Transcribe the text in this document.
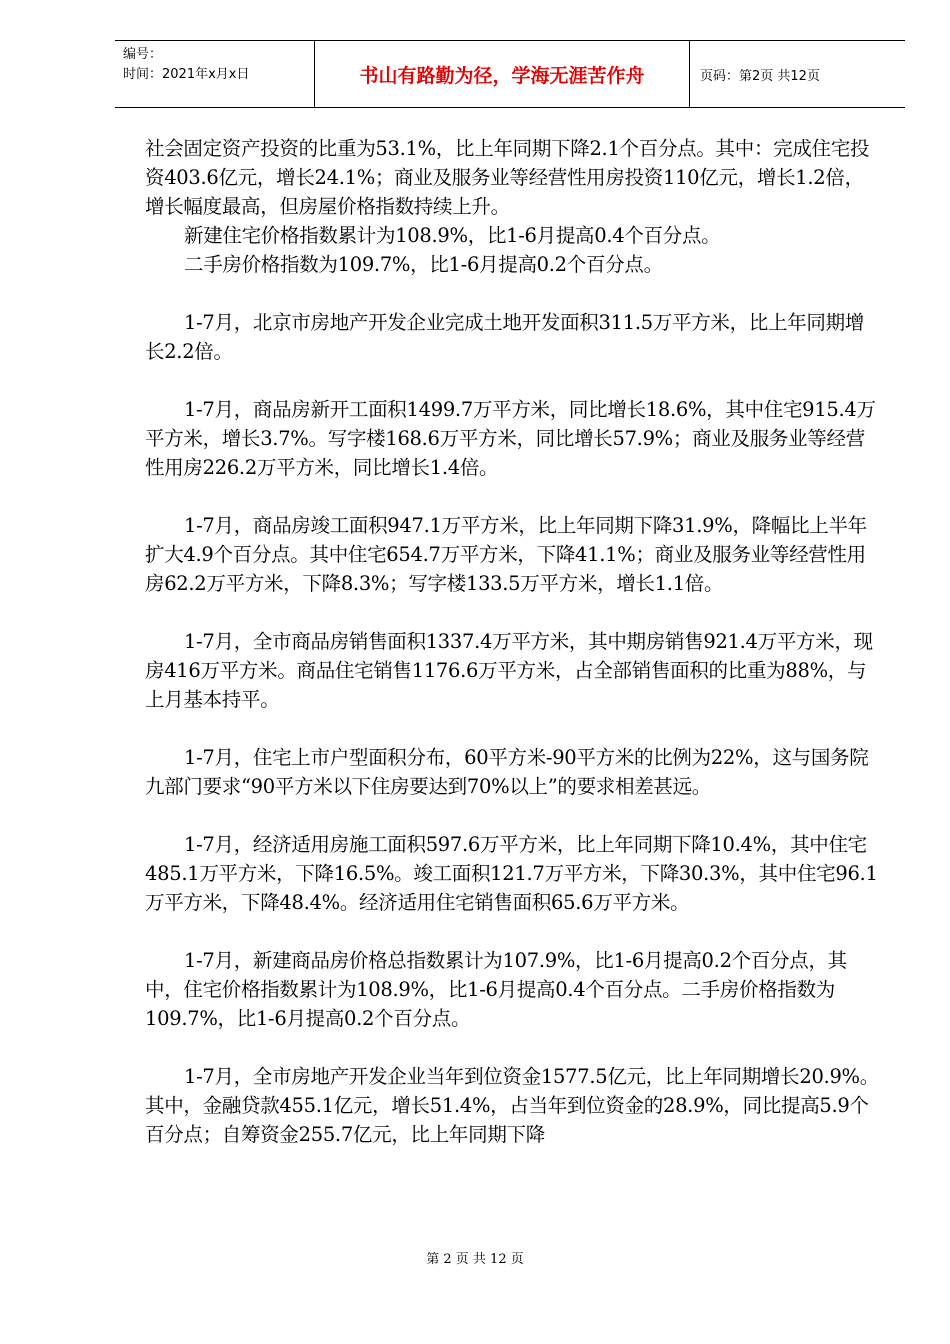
编号：
时间：2021年x月x日	书山有路勤为径，学海无涯苦作舟	页码：第2页 共12页

社会固定资产投资的比重为53.1%，比上年同期下降2.1个百分点。其中：完成住宅投资403.6亿元，增长24.1%；商业及服务业等经营性用房投资110亿元，增长1.2倍，增长幅度最高，但房屋价格指数持续上升。

新建住宅价格指数累计为108.9%，比1-6月提高0.4个百分点。

二手房价格指数为109.7%，比1-6月提高0.2个百分点。

1-7月，北京市房地产开发企业完成土地开发面积311.5万平方米，比上年同期增长2.2倍。

1-7月，商品房新开工面积1499.7万平方米，同比增长18.6%，其中住宅915.4万平方米，增长3.7%。写字楼168.6万平方米，同比增长57.9%；商业及服务业等经营性用房226.2万平方米，同比增长1.4倍。

1-7月，商品房竣工面积947.1万平方米，比上年同期下降31.9%，降幅比上半年扩大4.9个百分点。其中住宅654.7万平方米，下降41.1%；商业及服务业等经营性用房62.2万平方米，下降8.3%；写字楼133.5万平方米，增长1.1倍。

1-7月，全市商品房销售面积1337.4万平方米，其中期房销售921.4万平方米，现房416万平方米。商品住宅销售1176.6万平方米，占全部销售面积的比重为88%，与上月基本持平。

1-7月，住宅上市户型面积分布，60平方米-90平方米的比例为22%，这与国务院九部门要求“90平方米以下住房要达到70%以上”的要求相差甚远。

1-7月，经济适用房施工面积597.6万平方米，比上年同期下降10.4%，其中住宅485.1万平方米，下降16.5%。竣工面积121.7万平方米，下降30.3%，其中住宅96.1万平方米，下降48.4%。经济适用住宅销售面积65.6万平方米。

1-7月，新建商品房价格总指数累计为107.9%，比1-6月提高0.2个百分点，其中，住宅价格指数累计为108.9%，比1-6月提高0.4个百分点。二手房价格指数为109.7%，比1-6月提高0.2个百分点。

1-7月，全市房地产开发企业当年到位资金1577.5亿元，比上年同期增长20.9%。其中，金融贷款455.1亿元，增长51.4%，占当年到位资金的28.9%，同比提高5.9个百分点；自筹资金255.7亿元，比上年同期下降

第 2 页 共 12 页
